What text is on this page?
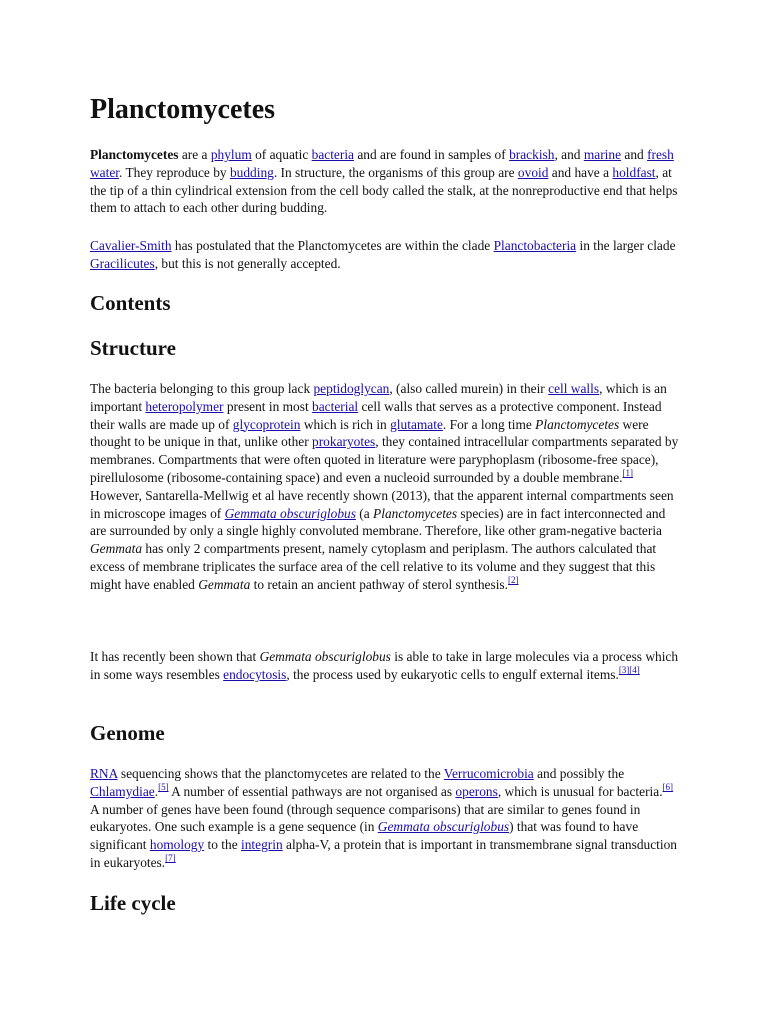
Planctomycetes

Planctomycetes are a phylum of aquatic bacteria and are found in samples of brackish, and marine and fresh water. They reproduce by budding. In structure, the organisms of this group are ovoid and have a holdfast, at the tip of a thin cylindrical extension from the cell body called the stalk, at the nonreproductive end that helps them to attach to each other during budding.

Cavalier-Smith has postulated that the Planctomycetes are within the clade Planctobacteria in the larger clade Gracilicutes, but this is not generally accepted.

Contents
Structure

The bacteria belonging to this group lack peptidoglycan, (also called murein) in their cell walls, which is an important heteropolymer present in most bacterial cell walls that serves as a protective component. Instead their walls are made up of glycoprotein which is rich in glutamate. For a long time Planctomycetes were thought to be unique in that, unlike other prokaryotes, they contained intracellular compartments separated by membranes. Compartments that were often quoted in literature were paryphoplasm (ribosome-free space), pirellulosome (ribosome-containing space) and even a nucleoid surrounded by a double membrane.[1] However, Santarella-Mellwig et al have recently shown (2013), that the apparent internal compartments seen in microscope images of Gemmata obscuriglobus (a Planctomycetes species) are in fact interconnected and are surrounded by only a single highly convoluted membrane. Therefore, like other gram-negative bacteria Gemmata has only 2 compartments present, namely cytoplasm and periplasm. The authors calculated that excess of membrane triplicates the surface area of the cell relative to its volume and they suggest that this might have enabled Gemmata to retain an ancient pathway of sterol synthesis.[2]

It has recently been shown that Gemmata obscuriglobus is able to take in large molecules via a process which in some ways resembles endocytosis, the process used by eukaryotic cells to engulf external items.[3][4]

Genome

RNA sequencing shows that the planctomycetes are related to the Verrucomicrobia and possibly the Chlamydiae.[5] A number of essential pathways are not organised as operons, which is unusual for bacteria.[6] A number of genes have been found (through sequence comparisons) that are similar to genes found in eukaryotes. One such example is a gene sequence (in Gemmata obscuriglobus) that was found to have significant homology to the integrin alpha-V, a protein that is important in transmembrane signal transduction in eukaryotes.[7]

Life cycle
